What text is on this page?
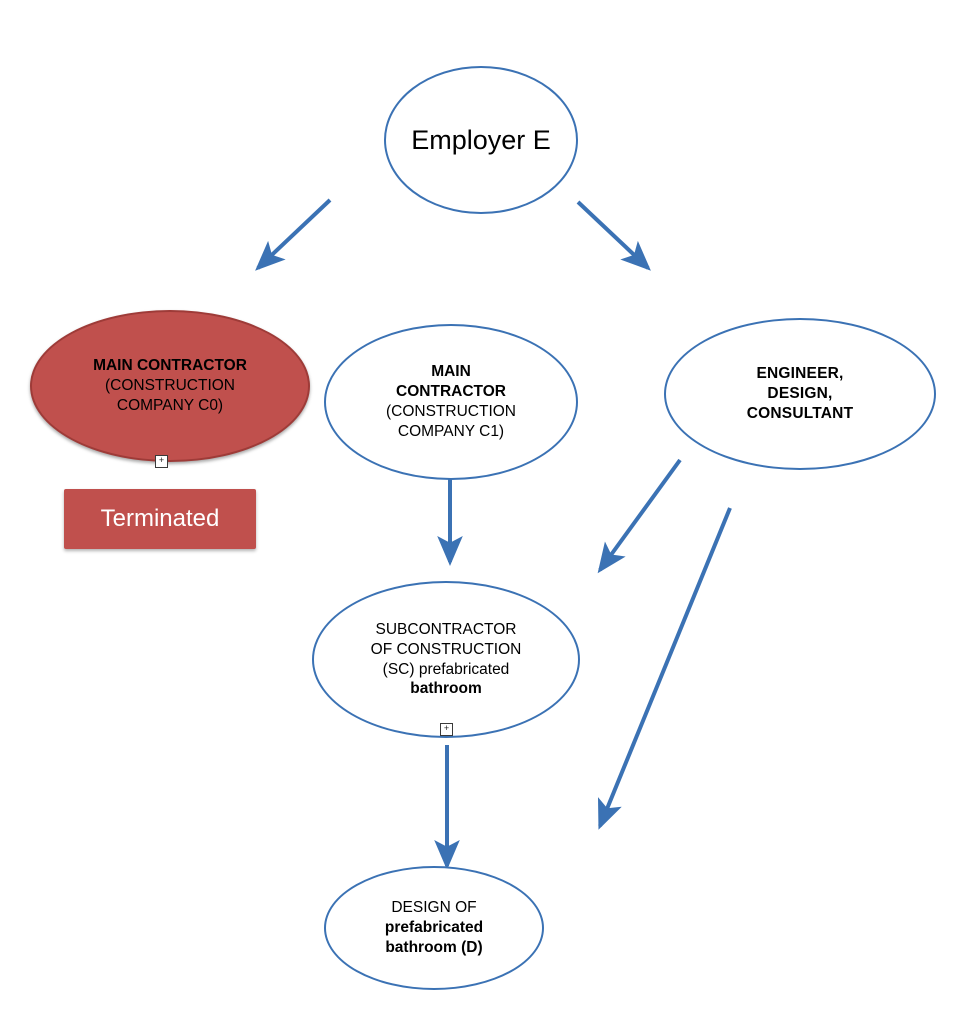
Employer E
MAIN CONTRACTOR
(CONSTRUCTION
COMPANY C0)
+
Terminated
MAIN
CONTRACTOR
(CONSTRUCTION
COMPANY C1)
ENGINEER,
DESIGN,
CONSULTANT
SUBCONTRACTOR
OF CONSTRUCTION
(SC) prefabricated
bathroom
+
DESIGN OF
prefabricated
bathroom (D)
